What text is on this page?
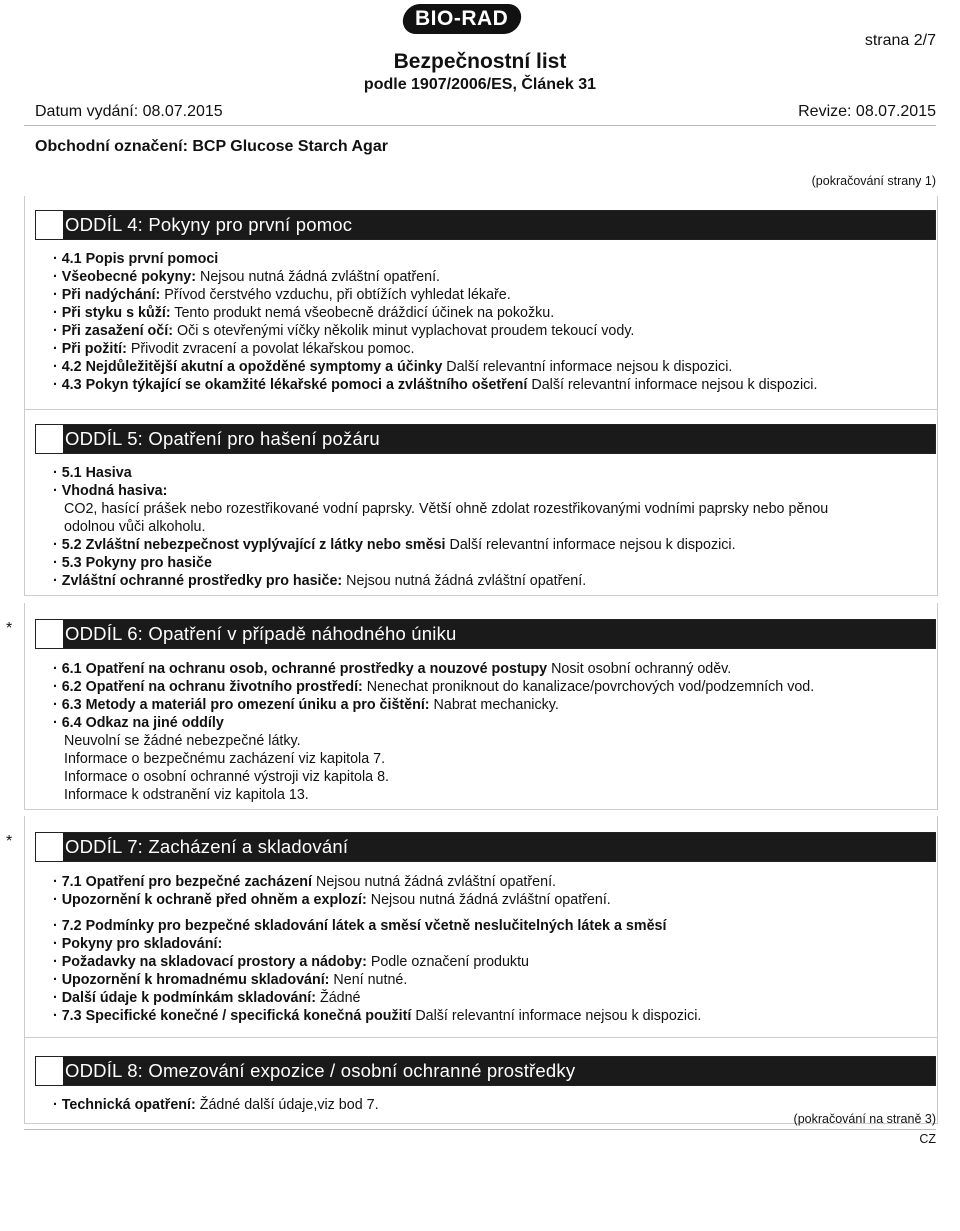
BIO-RAD
strana 2/7
Bezpečnostní list
podle 1907/2006/ES, Článek 31
Datum vydání: 08.07.2015	Revize: 08.07.2015
Obchodní označení: BCP Glucose Starch Agar
(pokračování strany 1)
ODDÍL 4: Pokyny pro první pomoc
· 4.1 Popis první pomoci
· Všeobecné pokyny: Nejsou nutná žádná zvláštní opatření.
· Při nadýchání: Přívod čerstvého vzduchu, při obtížích vyhledat lékaře.
· Při styku s kůží: Tento produkt nemá všeobecně dráždicí účinek na pokožku.
· Při zasažení očí: Oči s otevřenými víčky několik minut vyplachovat proudem tekoucí vody.
· Při požití: Přivodit zvracení a povolat lékařskou pomoc.
· 4.2 Nejdůležitější akutní a opožděné symptomy a účinky Další relevantní informace nejsou k dispozici.
· 4.3 Pokyn týkající se okamžité lékařské pomoci a zvláštního ošetření Další relevantní informace nejsou k dispozici.
ODDÍL 5: Opatření pro hašení požáru
· 5.1 Hasiva
· Vhodná hasiva:
CO2, hasící prášek nebo rozestřikované vodní paprsky. Větší ohně zdolat rozestřikovanými vodními paprsky nebo pěnou
odolnou vůči alkoholu.
· 5.2 Zvláštní nebezpečnost vyplývající z látky nebo směsi Další relevantní informace nejsou k dispozici.
· 5.3 Pokyny pro hasiče
· Zvláštní ochranné prostředky pro hasiče: Nejsou nutná žádná zvláštní opatření.
*	ODDÍL 6: Opatření v případě náhodného úniku
· 6.1 Opatření na ochranu osob, ochranné prostředky a nouzové postupy Nosit osobní ochranný oděv.
· 6.2 Opatření na ochranu životního prostředí: Nenechat proniknout do kanalizace/povrchových vod/podzemních vod.
· 6.3 Metody a materiál pro omezení úniku a pro čištění: Nabrat mechanicky.
· 6.4 Odkaz na jiné oddíly
Neuvolní se žádné nebezpečné látky.
Informace o bezpečnému zacházení viz kapitola 7.
Informace o osobní ochranné výstroji viz kapitola 8.
Informace k odstranění viz kapitola 13.
*	ODDÍL 7: Zacházení a skladování
· 7.1 Opatření pro bezpečné zacházení Nejsou nutná žádná zvláštní opatření.
· Upozornění k ochraně před ohněm a explozí: Nejsou nutná žádná zvláštní opatření.
· 7.2 Podmínky pro bezpečné skladování látek a směsí včetně neslučitelných látek a směsí
· Pokyny pro skladování:
· Požadavky na skladovací prostory a nádoby: Podle označení produktu
· Upozornění k hromadnému skladování: Není nutné.
· Další údaje k podmínkám skladování: Žádné
· 7.3 Specifické konečné / specifická konečná použití Další relevantní informace nejsou k dispozici.
ODDÍL 8: Omezování expozice / osobní ochranné prostředky
· Technická opatření: Žádné další údaje,viz bod 7.
(pokračování na straně 3)
CZ
